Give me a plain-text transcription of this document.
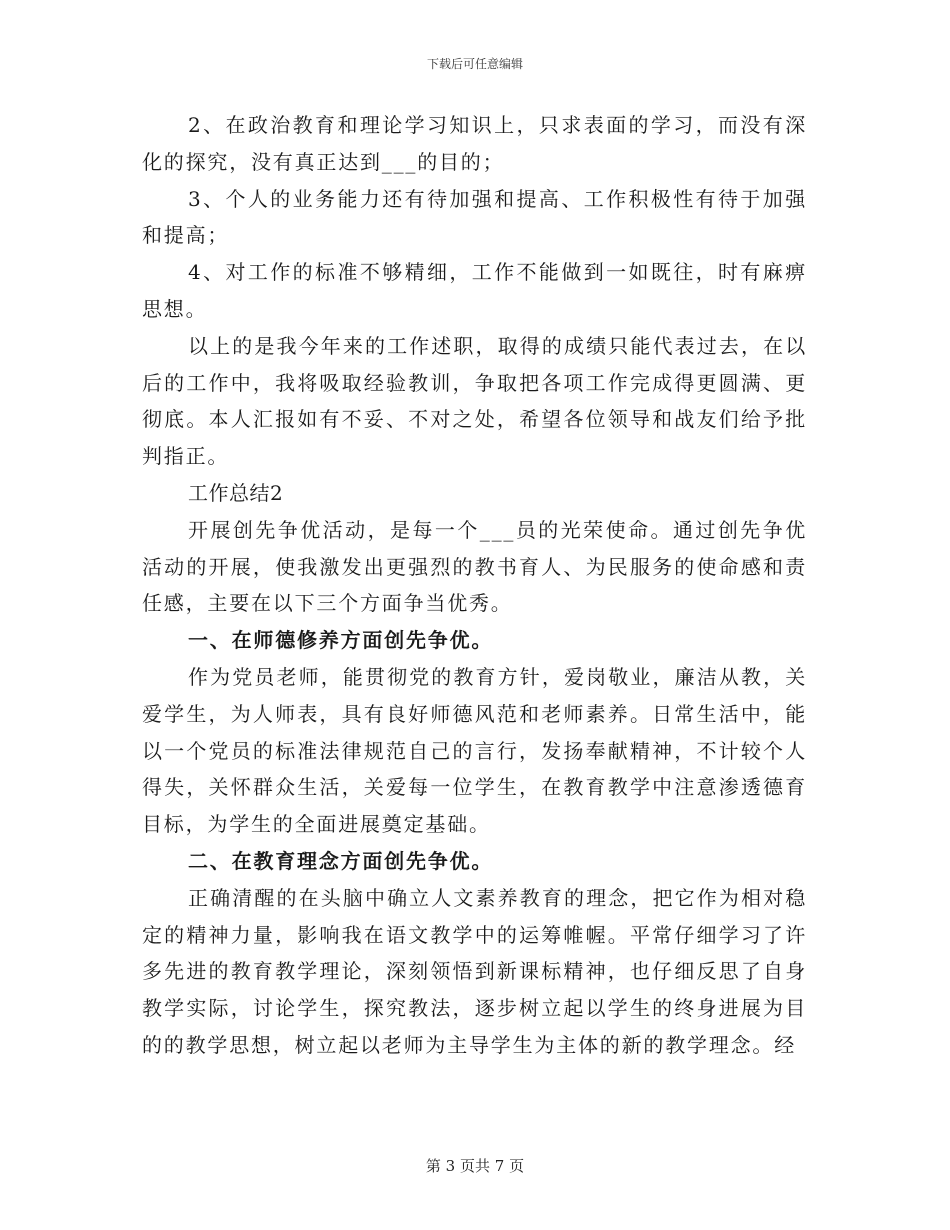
下载后可任意编辑

2、在政治教育和理论学习知识上，只求表面的学习，而没有深化的探究，没有真正达到___的目的；

3、个人的业务能力还有待加强和提高、工作积极性有待于加强和提高；

4、对工作的标准不够精细，工作不能做到一如既往，时有麻痹思想。

以上的是我今年来的工作述职，取得的成绩只能代表过去，在以后的工作中，我将吸取经验教训，争取把各项工作完成得更圆满、更彻底。本人汇报如有不妥、不对之处，希望各位领导和战友们给予批判指正。

工作总结2

开展创先争优活动，是每一个___员的光荣使命。通过创先争优活动的开展，使我激发出更强烈的教书育人、为民服务的使命感和责任感，主要在以下三个方面争当优秀。

一、在师德修养方面创先争优。

作为党员老师，能贯彻党的教育方针，爱岗敬业，廉洁从教，关爱学生，为人师表，具有良好师德风范和老师素养。日常生活中，能以一个党员的标准法律规范自己的言行，发扬奉献精神，不计较个人得失，关怀群众生活，关爱每一位学生，在教育教学中注意渗透德育目标，为学生的全面进展奠定基础。

二、在教育理念方面创先争优。

正确清醒的在头脑中确立人文素养教育的理念，把它作为相对稳定的精神力量，影响我在语文教学中的运筹帷幄。平常仔细学习了许多先进的教育教学理论，深刻领悟到新课标精神，也仔细反思了自身教学实际，讨论学生，探究教法，逐步树立起以学生的终身进展为目的的教学思想，树立起以老师为主导学生为主体的新的教学理念。经

第 3 页共 7 页
